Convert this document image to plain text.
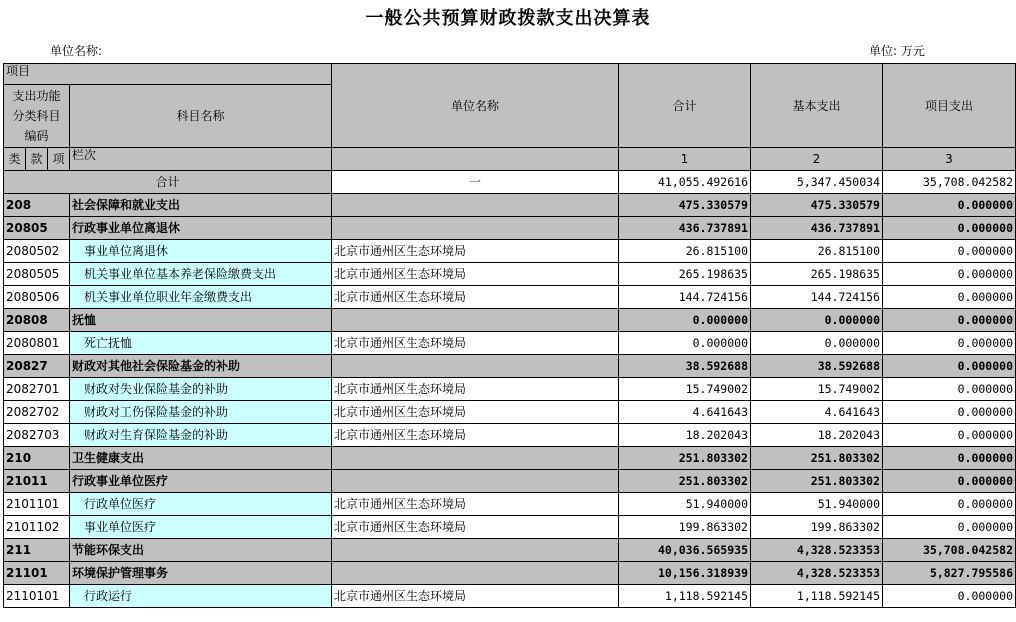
一般公共预算财政拨款支出决算表
单位名称:	单位: 万元
项目				单位名称	合计	基本支出	项目支出
支出功能
分类科目
编码			科目名称				
类	款	项					
			栏次		1	2	3
合计				一	41,055.492616	5,347.450034	35,708.042582
208			社会保障和就业支出		475.330579	475.330579	0.000000
20805			行政事业单位离退休		436.737891	436.737891	0.000000
2080502			事业单位离退休	北京市通州区生态环境局	26.815100	26.815100	0.000000
2080505			机关事业单位基本养老保险缴费支出	北京市通州区生态环境局	265.198635	265.198635	0.000000
2080506			机关事业单位职业年金缴费支出	北京市通州区生态环境局	144.724156	144.724156	0.000000
20808			抚恤		0.000000	0.000000	0.000000
2080801			死亡抚恤	北京市通州区生态环境局	0.000000	0.000000	0.000000
20827			财政对其他社会保险基金的补助		38.592688	38.592688	0.000000
2082701			财政对失业保险基金的补助	北京市通州区生态环境局	15.749002	15.749002	0.000000
2082702			财政对工伤保险基金的补助	北京市通州区生态环境局	4.641643	4.641643	0.000000
2082703			财政对生育保险基金的补助	北京市通州区生态环境局	18.202043	18.202043	0.000000
210			卫生健康支出		251.803302	251.803302	0.000000
21011			行政事业单位医疗		251.803302	251.803302	0.000000
2101101			行政单位医疗	北京市通州区生态环境局	51.940000	51.940000	0.000000
2101102			事业单位医疗	北京市通州区生态环境局	199.863302	199.863302	0.000000
211			节能环保支出		40,036.565935	4,328.523353	35,708.042582
21101			环境保护管理事务		10,156.318939	4,328.523353	5,827.795586
2110101			行政运行	北京市通州区生态环境局	1,118.592145	1,118.592145	0.000000
